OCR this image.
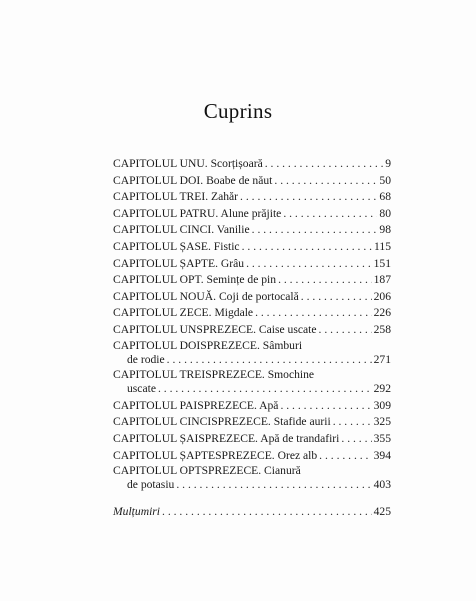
Cuprins
CAPITOLUL UNU. Scorțișoară . . .	9
CAPITOLUL DOI. Boabe de năut . . .	50
CAPITOLUL TREI. Zahăr . . .	68
CAPITOLUL PATRU. Alune prăjite . . .	80
CAPITOLUL CINCI. Vanilie . . .	98
CAPITOLUL ȘASE. Fistic . . .	115
CAPITOLUL ȘAPTE. Grâu . . .	151
CAPITOLUL OPT. Semințe de pin . . .	187
CAPITOLUL NOUĂ. Coji de portocală . . .	206
CAPITOLUL ZECE. Migdale . . .	226
CAPITOLUL UNSPREZECE. Caise uscate . . .	258
CAPITOLUL DOISPREZECE. Sâmburi
de rodie . . .	271
CAPITOLUL TREISPREZECE. Smochine
uscate . . .	292
CAPITOLUL PAISPREZECE. Apă . . .	309
CAPITOLUL CINCISPREZECE. Stafide aurii . . .	325
CAPITOLUL ȘAISPREZECE. Apă de trandafiri . . .	355
CAPITOLUL ȘAPTESPREZECE. Orez alb . . .	394
CAPITOLUL OPTSPREZECE. Cianură
de potasiu . . .	403
Mulțumiri . . .	425
